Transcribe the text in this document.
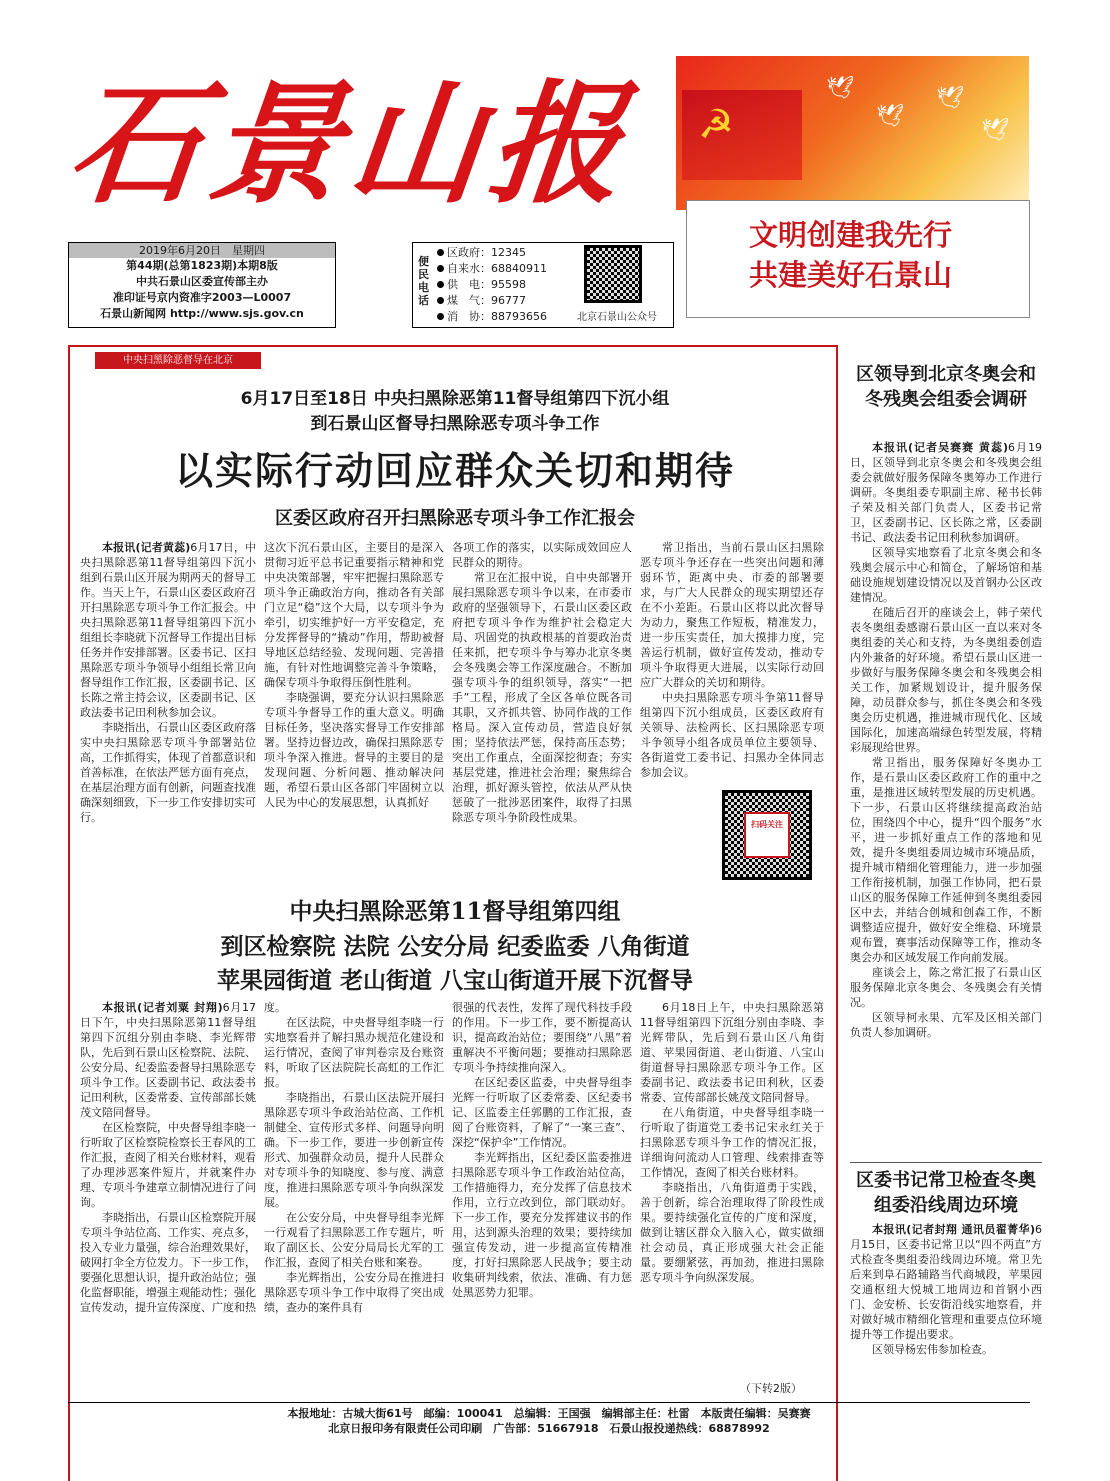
石景山报
2019年6月20日　星期四
第44期(总第1823期)本期8版
中共石景山区委宣传部主办
准印证号京内资准字2003—L0007
石景山新闻网 http://www.sjs.gov.cn
便民电话
区政府：12345
自来水：68840911
供　电：95598
煤　气：96777
消　协：88793656	北京石景山公众号
☭
🕊
🕊
🕊
🕊
文明创建我先行
共建美好石景山
中央扫黑除恶督导在北京
6月17日至18日 中央扫黑除恶第11督导组第四下沉小组
到石景山区督导扫黑除恶专项斗争工作
以实际行动回应群众关切和期待
区委区政府召开扫黑除恶专项斗争工作汇报会

本报讯(记者黄蕊)6月17日，中央扫黑除恶第11督导组第四下沉小组到石景山区开展为期两天的督导工作。当天上午，石景山区委区政府召开扫黑除恶专项斗争工作汇报会。中央扫黑除恶第11督导组第四下沉小组组长李晓就下沉督导工作提出目标任务并作安排部署。区委书记、区扫黑除恶专项斗争领导小组组长常卫向督导组作工作汇报，区委副书记、区长陈之常主持会议，区委副书记、区政法委书记田利秋参加会议。

李晓指出，石景山区委区政府落实中央扫黑除恶专项斗争部署站位高，工作抓得实，体现了首都意识和首善标准，在依法严惩方面有亮点，在基层治理方面有创新，问题查找准确深刻细致，下一步工作安排切实可行。

这次下沉石景山区，主要目的是深入贯彻习近平总书记重要指示精神和党中央决策部署，牢牢把握扫黑除恶专项斗争正确政治方向，推动各有关部门立足“稳”这个大局，以专项斗争为牵引，切实维护好一方平安稳定，充分发挥督导的“撬动”作用，帮助被督导地区总结经验、发现问题、完善措施，有针对性地调整完善斗争策略，确保专项斗争取得压倒性胜利。

李晓强调，要充分认识扫黑除恶专项斗争督导工作的重大意义。明确目标任务，坚决落实督导工作安排部署。坚持边督边改，确保扫黑除恶专项斗争深入推进。督导的主要目的是发现问题、分析问题、推动解决问题，希望石景山区各部门牢固树立以人民为中心的发展思想，认真抓好

各项工作的落实，以实际成效回应人民群众的期待。

常卫在汇报中说，自中央部署开展扫黑除恶专项斗争以来，在市委市政府的坚强领导下，石景山区委区政府把专项斗争作为维护社会稳定大局、巩固党的执政根基的首要政治责任来抓，把专项斗争与筹办北京冬奥会冬残奥会等工作深度融合。不断加强专项斗争的组织领导，落实“一把手”工程，形成了全区各单位既各司其职，又齐抓共管、协同作战的工作格局。深入宣传动员，营造良好氛围；坚持依法严惩，保持高压态势；突出工作重点，全面深挖彻查；夯实基层党建，推进社会治理；聚焦综合治理，抓好源头管控，依法从严从快惩破了一批涉恶团案件，取得了扫黑除恶专项斗争阶段性成果。

常卫指出，当前石景山区扫黑除恶专项斗争还存在一些突出问题和薄弱环节，距离中央、市委的部署要求，与广大人民群众的现实期望还存在不小差距。石景山区将以此次督导为动力，聚焦工作短板，精准发力，进一步压实责任，加大摸排力度，完善运行机制，做好宣传发动，推动专项斗争取得更大进展，以实际行动回应广大群众的关切和期待。

中央扫黑除恶专项斗争第11督导组第四下沉小组成员，区委区政府有关领导、法检两长、区扫黑除恶专项斗争领导小组各成员单位主要领导、各街道党工委书记、扫黑办全体同志参加会议。

扫码关注
中央扫黑除恶第11督导组第四组
到区检察院 法院 公安分局 纪委监委 八角街道
苹果园街道 老山街道 八宝山街道开展下沉督导

本报讯(记者刘粟 封翔)6月17日下午，中央扫黑除恶第11督导组第四下沉组分别由李晓、李光辉带队，先后到石景山区检察院、法院、公安分局、纪委监委督导扫黑除恶专项斗争工作。区委副书记、政法委书记田利秋，区委常委、宣传部部长姚茂文陪同督导。

在区检察院，中央督导组李晓一行听取了区检察院检察长王春风的工作汇报，查阅了相关台账材料，观看了办理涉恶案件短片，并就案件办理、专项斗争建章立制情况进行了问询。

李晓指出，石景山区检察院开展专项斗争站位高、工作实、亮点多，投入专业力量强，综合治理效果好，破网打伞全方位发力。下一步工作，要强化思想认识，提升政治站位；强化监督职能，增强主观能动性；强化宣传发动，提升宣传深度、广度和热

度。

在区法院，中央督导组李晓一行实地察看并了解扫黑办规范化建设和运行情况，查阅了审判卷宗及台账资料，听取了区法院院长高虹的工作汇报。

李晓指出，石景山区法院开展扫黑除恶专项斗争政治站位高、工作机制健全、宣传形式多样、问题导向明确。下一步工作，要进一步创新宣传形式、加强群众动员，提升人民群众对专项斗争的知晓度、参与度、满意度，推进扫黑除恶专项斗争向纵深发展。

在公安分局，中央督导组李光辉一行观看了扫黑除恶工作专题片，听取了副区长、公安分局局长尤军的工作汇报，查阅了相关台账和案卷。

李光辉指出，公安分局在推进扫黑除恶专项斗争工作中取得了突出成绩，查办的案件具有

很强的代表性，发挥了现代科技手段的作用。下一步工作，要不断提高认识，提高政治站位；要围绕“八黑”着重解决不平衡问题；要推动扫黑除恶专项斗争持续推向深入。

在区纪委区监委，中央督导组李光辉一行听取了区委常委、区纪委书记、区监委主任郭鹏的工作汇报，查阅了台账资料，了解了“一案三查”、深挖“保护伞”工作情况。

李光辉指出，区纪委区监委推进扫黑除恶专项斗争工作政治站位高，工作措施得力，充分发挥了信息技术作用，立行立改到位，部门联动好。下一步工作，要充分发挥建议书的作用，达到源头治理的效果；要持续加强宣传发动，进一步提高宣传精准度，打好扫黑除恶人民战争；要主动收集研判线索，依法、准确、有力惩处黑恶势力犯罪。

6月18日上午，中央扫黑除恶第11督导组第四下沉组分别由李晓、李光辉带队，先后到石景山区八角街道、苹果园街道、老山街道、八宝山街道督导扫黑除恶专项斗争工作。区委副书记、政法委书记田利秋，区委常委、宣传部部长姚茂文陪同督导。

在八角街道，中央督导组李晓一行听取了街道党工委书记宋永红关于扫黑除恶专项斗争工作的情况汇报，详细询问流动人口管理、线索排查等工作情况，查阅了相关台账材料。

李晓指出，八角街道勇于实践，善于创新，综合治理取得了阶段性成果。要持续强化宣传的广度和深度，做到让辖区群众入脑入心，做实做细社会动员，真正形成强大社会正能量。要绷紧弦，再加劲，推进扫黑除恶专项斗争向纵深发展。

（下转2版）
区领导到北京冬奥会和冬残奥会组委会调研

本报讯(记者吴赛赛 黄蕊)6月19日，区领导到北京冬奥会和冬残奥会组委会就做好服务保障冬奥筹办工作进行调研。冬奥组委专职副主席、秘书长韩子荣及相关部门负责人，区委书记常卫，区委副书记、区长陈之常，区委副书记、政法委书记田利秋参加调研。

区领导实地察看了北京冬奥会和冬残奥会展示中心和简仓，了解场馆和基础设施规划建设情况以及首钢办公区改建情况。

在随后召开的座谈会上，韩子荣代表冬奥组委感谢石景山区一直以来对冬奥组委的关心和支持，为冬奥组委创造内外兼备的好环境。希望石景山区进一步做好与服务保障冬奥会和冬残奥会相关工作，加紧规划设计，提升服务保障，动员群众参与，抓住冬奥会和冬残奥会历史机遇，推进城市现代化、区域国际化，加速高端绿色转型发展，将精彩展现给世界。

常卫指出，服务保障好冬奥办工作，是石景山区委区政府工作的重中之重，是推进区域转型发展的历史机遇。下一步，石景山区将继续提高政治站位，围绕四个中心，提升“四个服务”水平，进一步抓好重点工作的落地和见效，提升冬奥组委周边城市环境品质，提升城市精细化管理能力，进一步加强工作衔接机制，加强工作协同，把石景山区的服务保障工作延伸到冬奥组委园区中去，并结合创城和创森工作，不断调整适应提升，做好安全维稳、环境景观布置，赛事活动保障等工作，推动冬奥会办和区域发展工作向前发展。

座谈会上，陈之常汇报了石景山区服务保障北京冬奥会、冬残奥会有关情况。

区领导柯永果、亢军及区相关部门负责人参加调研。

区委书记常卫检查冬奥组委沿线周边环境

本报讯(记者封翔 通讯员翟菁华)6月15日，区委书记常卫以“四不两直”方式检查冬奥组委沿线周边环境。常卫先后来到阜石路辅路当代商城段，苹果园交通枢纽大悦城工地周边和首钢小西门、金安桥、长安街沿线实地察看，并对做好城市精细化管理和重要点位环境提升等工作提出要求。

区领导杨宏伟参加检查。

本报地址：古城大街61号　邮编：100041　总编辑：王国强　编辑部主任：杜雷　本版责任编辑：吴赛赛
北京日报印务有限责任公司印刷　广告部：51667918　石景山报投递热线：68878992
